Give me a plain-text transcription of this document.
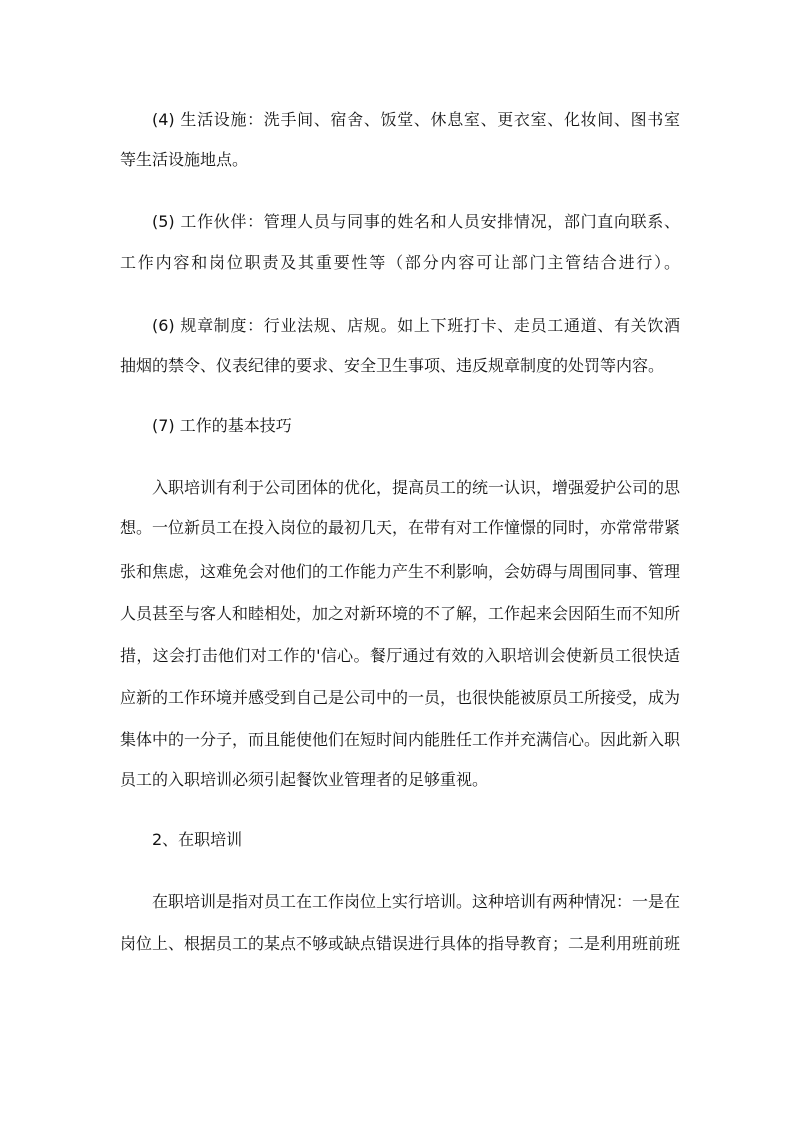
(4) 生活设施：洗手间、宿舍、饭堂、休息室、更衣室、化妆间、图书室
等生活设施地点。
(5) 工作伙伴：管理人员与同事的姓名和人员安排情况，部门直向联系、
工作内容和岗位职责及其重要性等（部分内容可让部门主管结合进行）。
(6) 规章制度：行业法规、店规。如上下班打卡、走员工通道、有关饮酒
抽烟的禁令、仪表纪律的要求、安全卫生事项、违反规章制度的处罚等内容。
(7) 工作的基本技巧
入职培训有利于公司团体的优化，提高员工的统一认识，增强爱护公司的思
想。一位新员工在投入岗位的最初几天，在带有对工作憧憬的同时，亦常常带紧
张和焦虑，这难免会对他们的工作能力产生不利影响，会妨碍与周围同事、管理
人员甚至与客人和睦相处，加之对新环境的不了解，工作起来会因陌生而不知所
措，这会打击他们对工作的'信心。餐厅通过有效的入职培训会使新员工很快适
应新的工作环境并感受到自己是公司中的一员，也很快能被原员工所接受，成为
集体中的一分子，而且能使他们在短时间内能胜任工作并充满信心。因此新入职
员工的入职培训必须引起餐饮业管理者的足够重视。
2、在职培训
在职培训是指对员工在工作岗位上实行培训。这种培训有两种情况：一是在
岗位上、根据员工的某点不够或缺点错误进行具体的指导教育；二是利用班前班
